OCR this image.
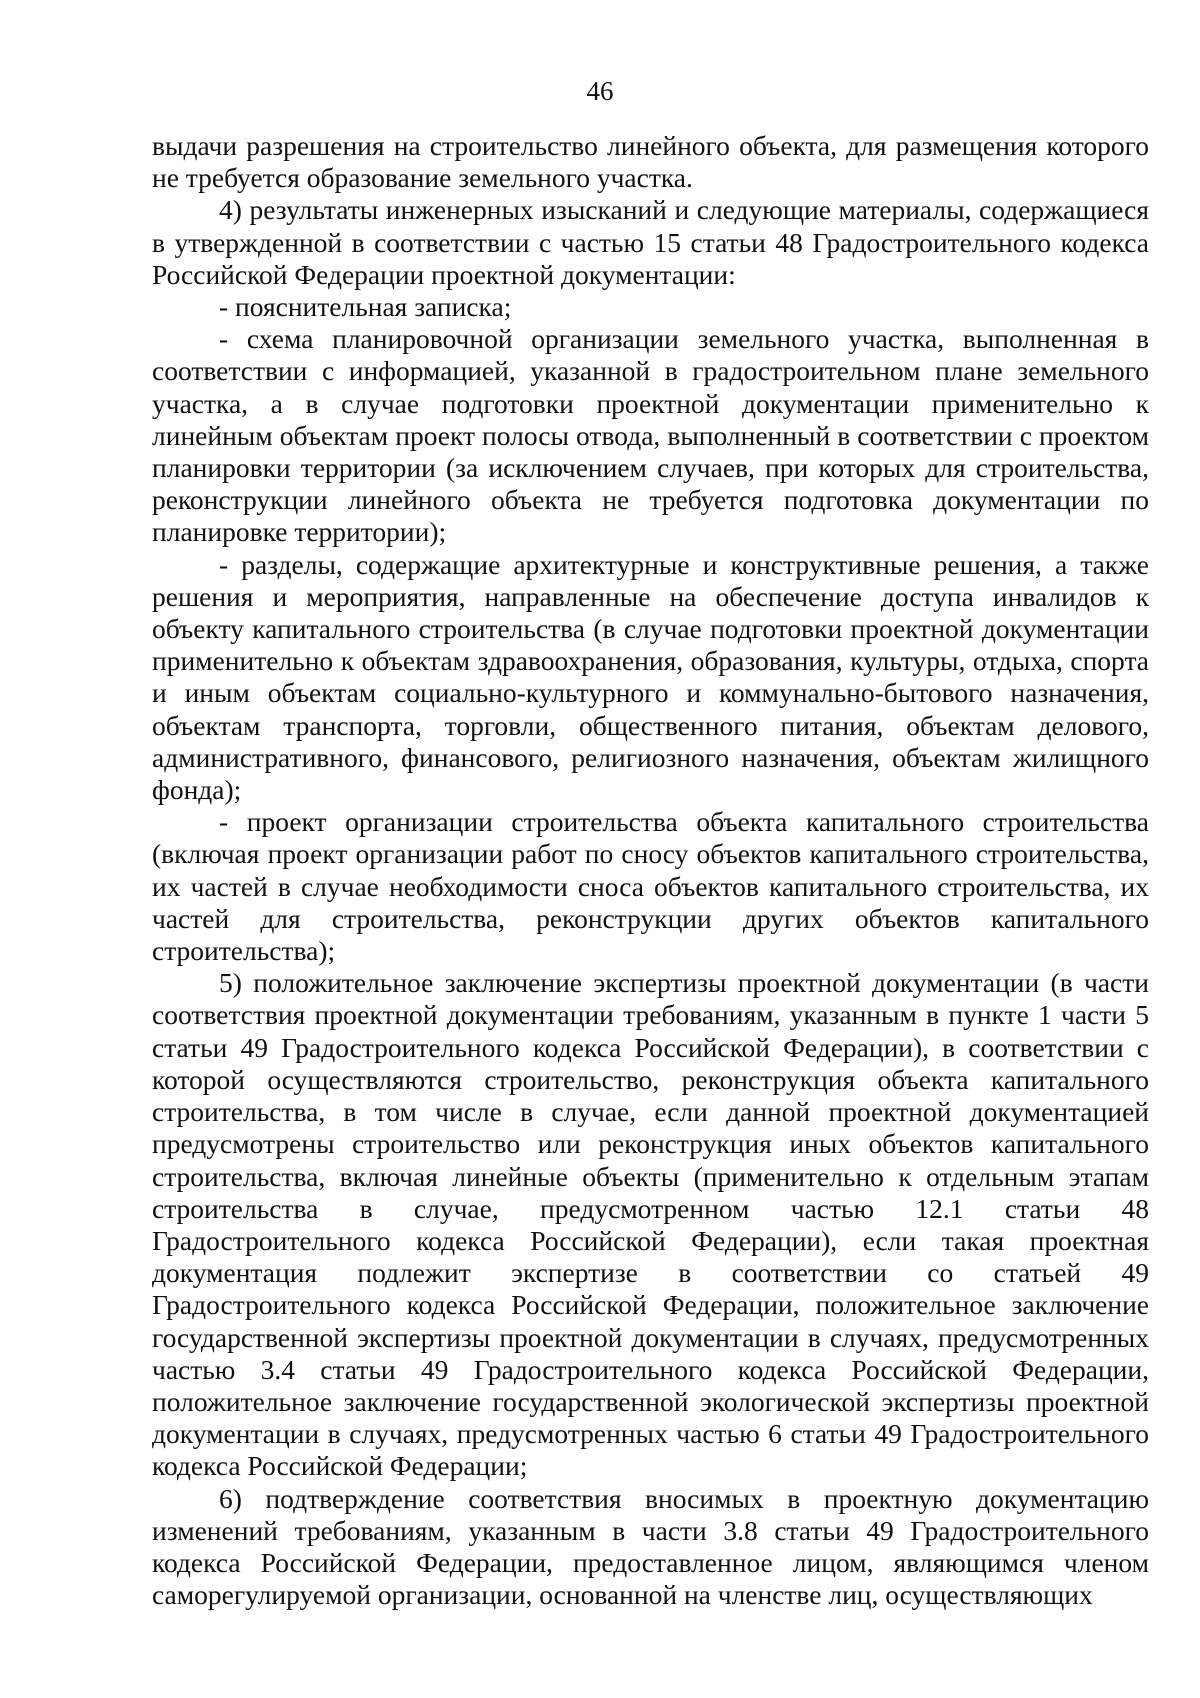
46

выдачи разрешения на строительство линейного объекта, для размещения которого не требуется образование земельного участка.

4) результаты инженерных изысканий и следующие материалы, содержащиеся в утвержденной в соответствии с частью 15 статьи 48 Градостроительного кодекса Российской Федерации проектной документации:

- пояснительная записка;

- схема планировочной организации земельного участка, выполненная в соответствии с информацией, указанной в градостроительном плане земельного участка, а в случае подготовки проектной документации применительно к линейным объектам проект полосы отвода, выполненный в соответствии с проектом планировки территории (за исключением случаев, при которых для строительства, реконструкции линейного объекта не требуется подготовка документации по планировке территории);

- разделы, содержащие архитектурные и конструктивные решения, а также решения и мероприятия, направленные на обеспечение доступа инвалидов к объекту капитального строительства (в случае подготовки проектной документации применительно к объектам здравоохранения, образования, культуры, отдыха, спорта и иным объектам социально-культурного и коммунально-бытового назначения, объектам транспорта, торговли, общественного питания, объектам делового, административного, финансового, религиозного назначения, объектам жилищного фонда);

- проект организации строительства объекта капитального строительства (включая проект организации работ по сносу объектов капитального строительства, их частей в случае необходимости сноса объектов капитального строительства, их частей для строительства, реконструкции других объектов капитального строительства);

5) положительное заключение экспертизы проектной документации (в части соответствия проектной документации требованиям, указанным в пункте 1 части 5 статьи 49 Градостроительного кодекса Российской Федерации), в соответствии с которой осуществляются строительство, реконструкция объекта капитального строительства, в том числе в случае, если данной проектной документацией предусмотрены строительство или реконструкция иных объектов капитального строительства, включая линейные объекты (применительно к отдельным этапам строительства в случае, предусмотренном частью 12.1 статьи 48 Градостроительного кодекса Российской Федерации), если такая проектная документация подлежит экспертизе в соответствии со статьей 49 Градостроительного кодекса Российской Федерации, положительное заключение государственной экспертизы проектной документации в случаях, предусмотренных частью 3.4 статьи 49 Градостроительного кодекса Российской Федерации, положительное заключение государственной экологической экспертизы проектной документации в случаях, предусмотренных частью 6 статьи 49 Градостроительного кодекса Российской Федерации;

6) подтверждение соответствия вносимых в проектную документацию изменений требованиям, указанным в части 3.8 статьи 49 Градостроительного кодекса Российской Федерации, предоставленное лицом, являющимся членом саморегулируемой организации, основанной на членстве лиц, осуществляющих
